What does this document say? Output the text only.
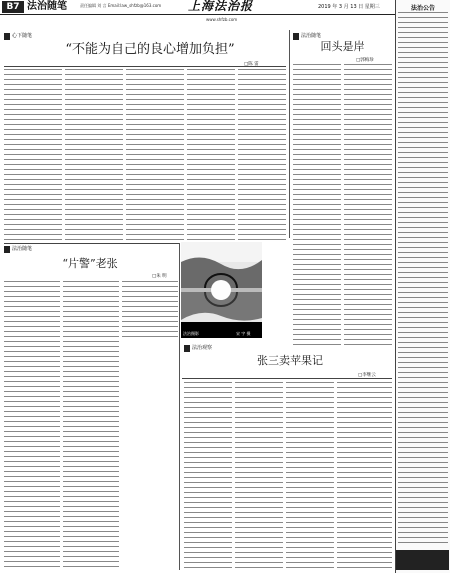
B7 法治随笔	责任编辑 刘 言 Email:law_shfzb@163.com 上海法治报	2019 年 3 月 13 日 星期三
www.shfzb.com
心下随笔
“不能为自己的良心增加负担”
□陈 雷
法治随笔
回头是岸
□郭梅珍
法治随笔
“片警”老张
□朱 明
法治摄影	宋 宇 摄
法治观察
张三卖苹果记
□李继云
法治公告
